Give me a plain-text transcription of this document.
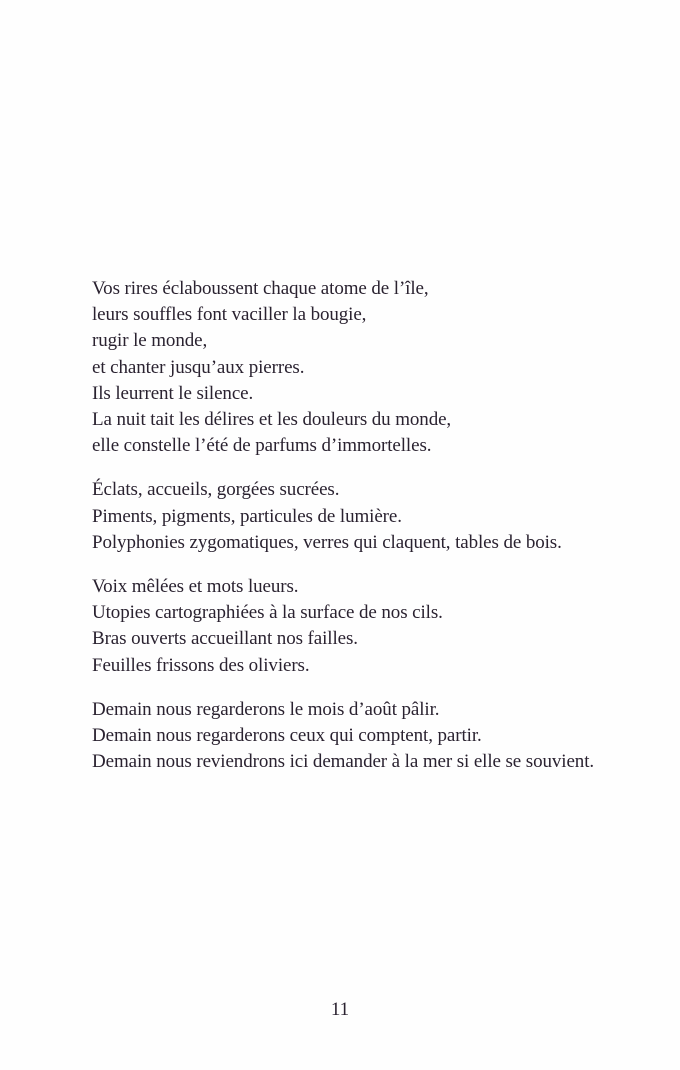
Vos rires éclaboussent chaque atome de l’île,
leurs souffles font vaciller la bougie,
rugir le monde,
et chanter jusqu’aux pierres.
Ils leurrent le silence.
La nuit tait les délires et les douleurs du monde,
elle constelle l’été de parfums d’immortelles.
Éclats, accueils, gorgées sucrées.
Piments, pigments, particules de lumière.
Polyphonies zygomatiques, verres qui claquent, tables de bois.
Voix mêlées et mots lueurs.
Utopies cartographiées à la surface de nos cils.
Bras ouverts accueillant nos failles.
Feuilles frissons des oliviers.
Demain nous regarderons le mois d’août pâlir.
Demain nous regarderons ceux qui comptent, partir.
Demain nous reviendrons ici demander à la mer si elle se souvient.
11
